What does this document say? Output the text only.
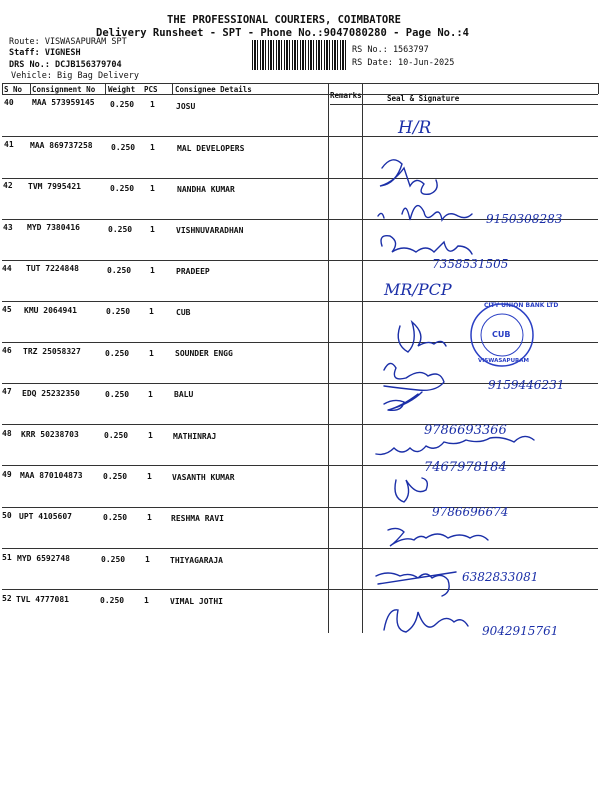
THE PROFESSIONAL COURIERS, COIMBATORE
Delivery Runsheet - SPT - Phone No.:9047080280 - Page No.:4
Route: VISWASAPURAM SPT
Staff: VIGNESH
DRS No.: DCJB156379704
Vehicle: Big Bag Delivery
RS No.: 1563797
RS Date: 10-Jun-2025
S No Consignment No Weight PCS Consignee Details
Remarks	Seal & Signature
40 MAA 573959145 0.250 1	JOSU
41 MAA 869737258 0.250 1	MAL DEVELOPERS
42 TVM 7995421	0.250 1	NANDHA KUMAR
43 MYD 7380416	0.250 1	VISHNUVARADHAN
44 TUT 7224848	0.250 1	PRADEEP
45 KMU 2064941	0.250 1	CUB
46 TRZ 25058327	0.250 1	SOUNDER ENGG
47 EDQ 25232350	0.250 1	BALU
48 KRR 50238703	0.250 1	MATHINRAJ
49 MAA 870104873	0.250 1	VASANTH KUMAR
50 UPT 4105607	0.250 1 RESHMA RAVI
51 MYD 6592748	0.250 1	THIYAGARAJA
52 TVL 4777081	0.250 1	VIMAL JOTHI
H/R
9150308283
7358531505
MR/PCP
9159446231
9786693366
7467978184
9786696674
6382833081
9042915761
CITY UNION BANK LTD
CUB
VISWASAPURAM
